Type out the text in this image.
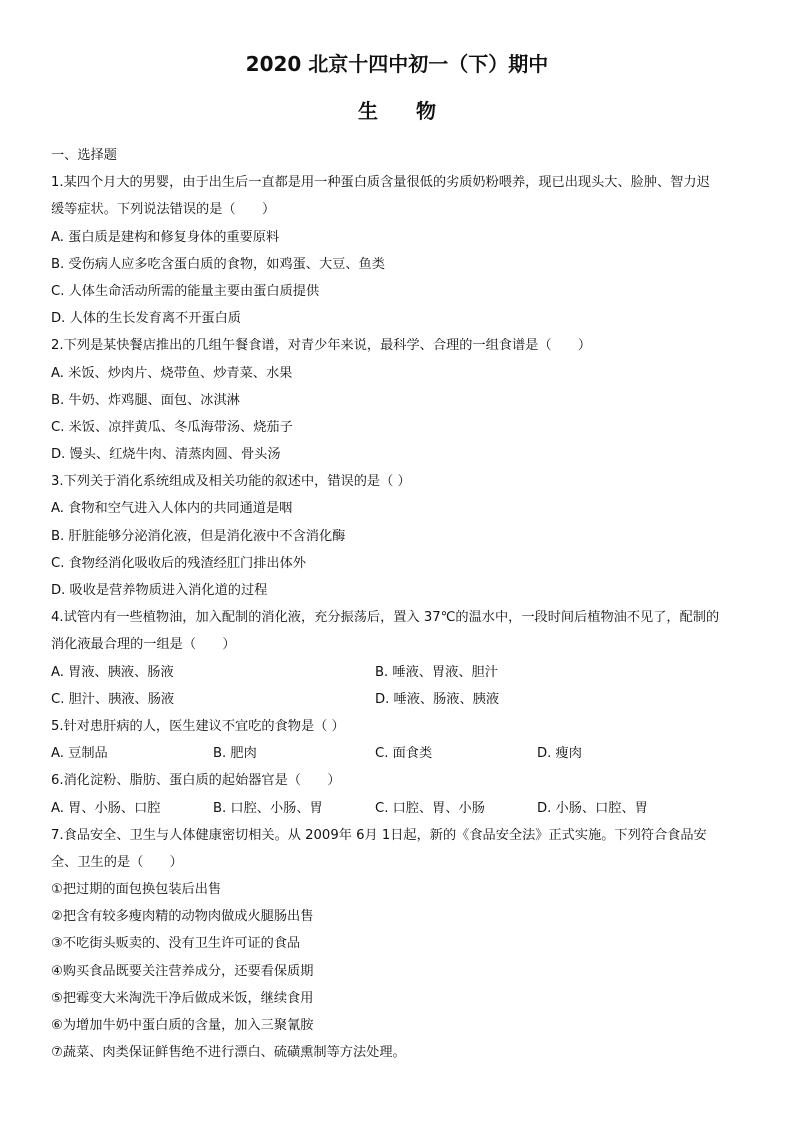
2020 北京十四中初一（下）期中
生物
一、选择题
1.某四个月大的男婴，由于出生后一直都是用一种蛋白质含量很低的劣质奶粉喂养，现已出现头大、脸肿、智力迟
缓等症状。下列说法错误的是（　　）
A. 蛋白质是建构和修复身体的重要原料
B. 受伤病人应多吃含蛋白质的食物，如鸡蛋、大豆、鱼类
C. 人体生命活动所需的能量主要由蛋白质提供
D. 人体的生长发育离不开蛋白质
2.下列是某快餐店推出的几组午餐食谱，对青少年来说，最科学、合理的一组食谱是（　　）
A. 米饭、炒肉片、烧带鱼、炒青菜、水果
B. 牛奶、炸鸡腿、面包、冰淇淋
C. 米饭、凉拌黄瓜、冬瓜海带汤、烧茄子
D. 馒头、红烧牛肉、清蒸肉圆、骨头汤
3.下列关于消化系统组成及相关功能的叙述中，错误的是（ ）
A. 食物和空气进入人体内的共同通道是咽
B. 肝脏能够分泌消化液，但是消化液中不含消化酶
C. 食物经消化吸收后的残渣经肛门排出体外
D. 吸收是营养物质进入消化道的过程
4.试管内有一些植物油，加入配制的消化液，充分振荡后，置入 37℃的温水中，一段时间后植物油不见了，配制的
消化液最合理的一组是（　　）
A. 胃液、胰液、肠液	B. 唾液、胃液、胆汁
C. 胆汁、胰液、肠液	D. 唾液、肠液、胰液
5.针对患肝病的人，医生建议不宜吃的食物是（ ）
A. 豆制品	B. 肥肉	C. 面食类	D. 瘦肉
6.消化淀粉、脂肪、蛋白质的起始器官是（　　）
A. 胃、小肠、口腔	B. 口腔、小肠、胃	C. 口腔、胃、小肠	D. 小肠、口腔、胃
7.食品安全、卫生与人体健康密切相关。从 2009年 6月 1日起，新的《食品安全法》正式实施。下列符合食品安
全、卫生的是（　　）
①把过期的面包换包装后出售
②把含有较多瘦肉精的动物肉做成火腿肠出售
③不吃街头贩卖的、没有卫生许可证的食品
④购买食品既要关注营养成分，还要看保质期
⑤把霉变大米淘洗干净后做成米饭，继续食用
⑥为增加牛奶中蛋白质的含量，加入三聚氰胺
⑦蔬菜、肉类保证鲜售绝不进行漂白、硫磺熏制等方法处理。
